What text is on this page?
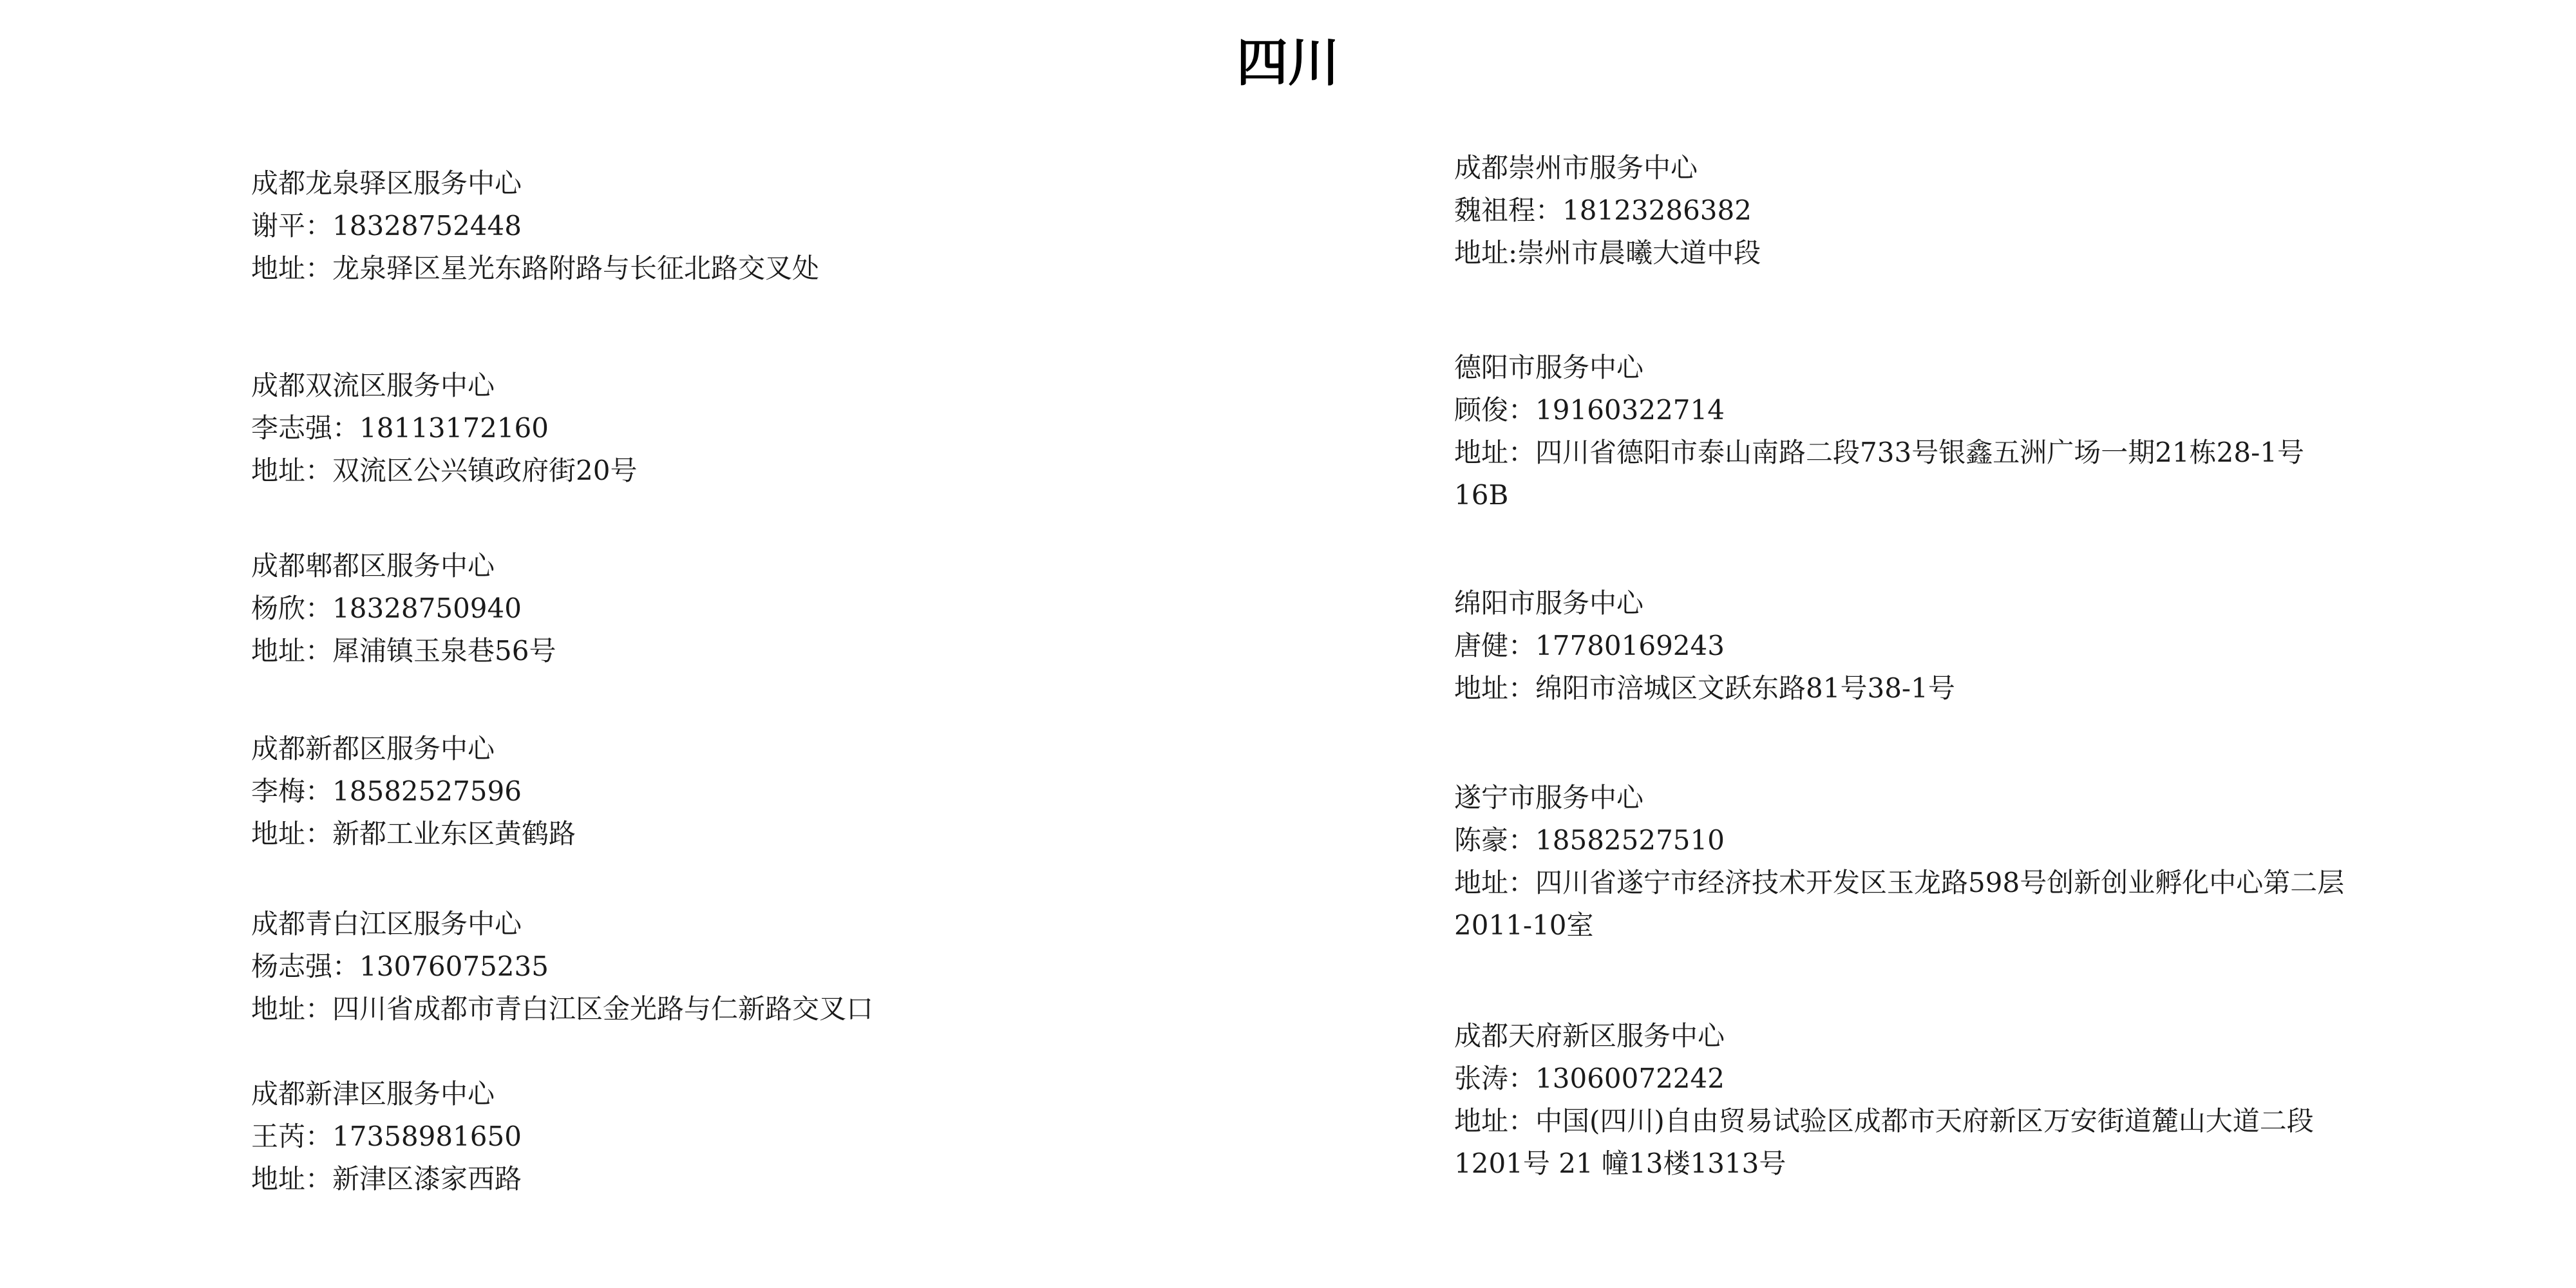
四川
成都龙泉驿区服务中心
谢平：18328752448
地址：龙泉驿区星光东路附路与长征北路交叉处
成都双流区服务中心
李志强：18113172160
地址：双流区公兴镇政府街20号
成都郫都区服务中心
杨欣：18328750940
地址：犀浦镇玉泉巷56号
成都新都区服务中心
李梅：18582527596
地址：新都工业东区黄鹤路
成都青白江区服务中心
杨志强：13076075235
地址：四川省成都市青白江区金光路与仁新路交叉口
成都新津区服务中心
王芮：17358981650
地址：新津区漆家西路
成都崇州市服务中心
魏祖程：18123286382
地址:崇州市晨曦大道中段
德阳市服务中心
顾俊：19160322714
地址：四川省德阳市泰山南路二段733号银鑫五洲广场一期21栋28-1号16B
绵阳市服务中心
唐健：17780169243
地址：绵阳市涪城区文跃东路81号38-1号
遂宁市服务中心
陈豪：18582527510
地址：四川省遂宁市经济技术开发区玉龙路598号创新创业孵化中心第二层2011-10室
成都天府新区服务中心
张涛：13060072242
地址：中国(四川)自由贸易试验区成都市天府新区万安街道麓山大道二段 1201号 21 幢13楼1313号
